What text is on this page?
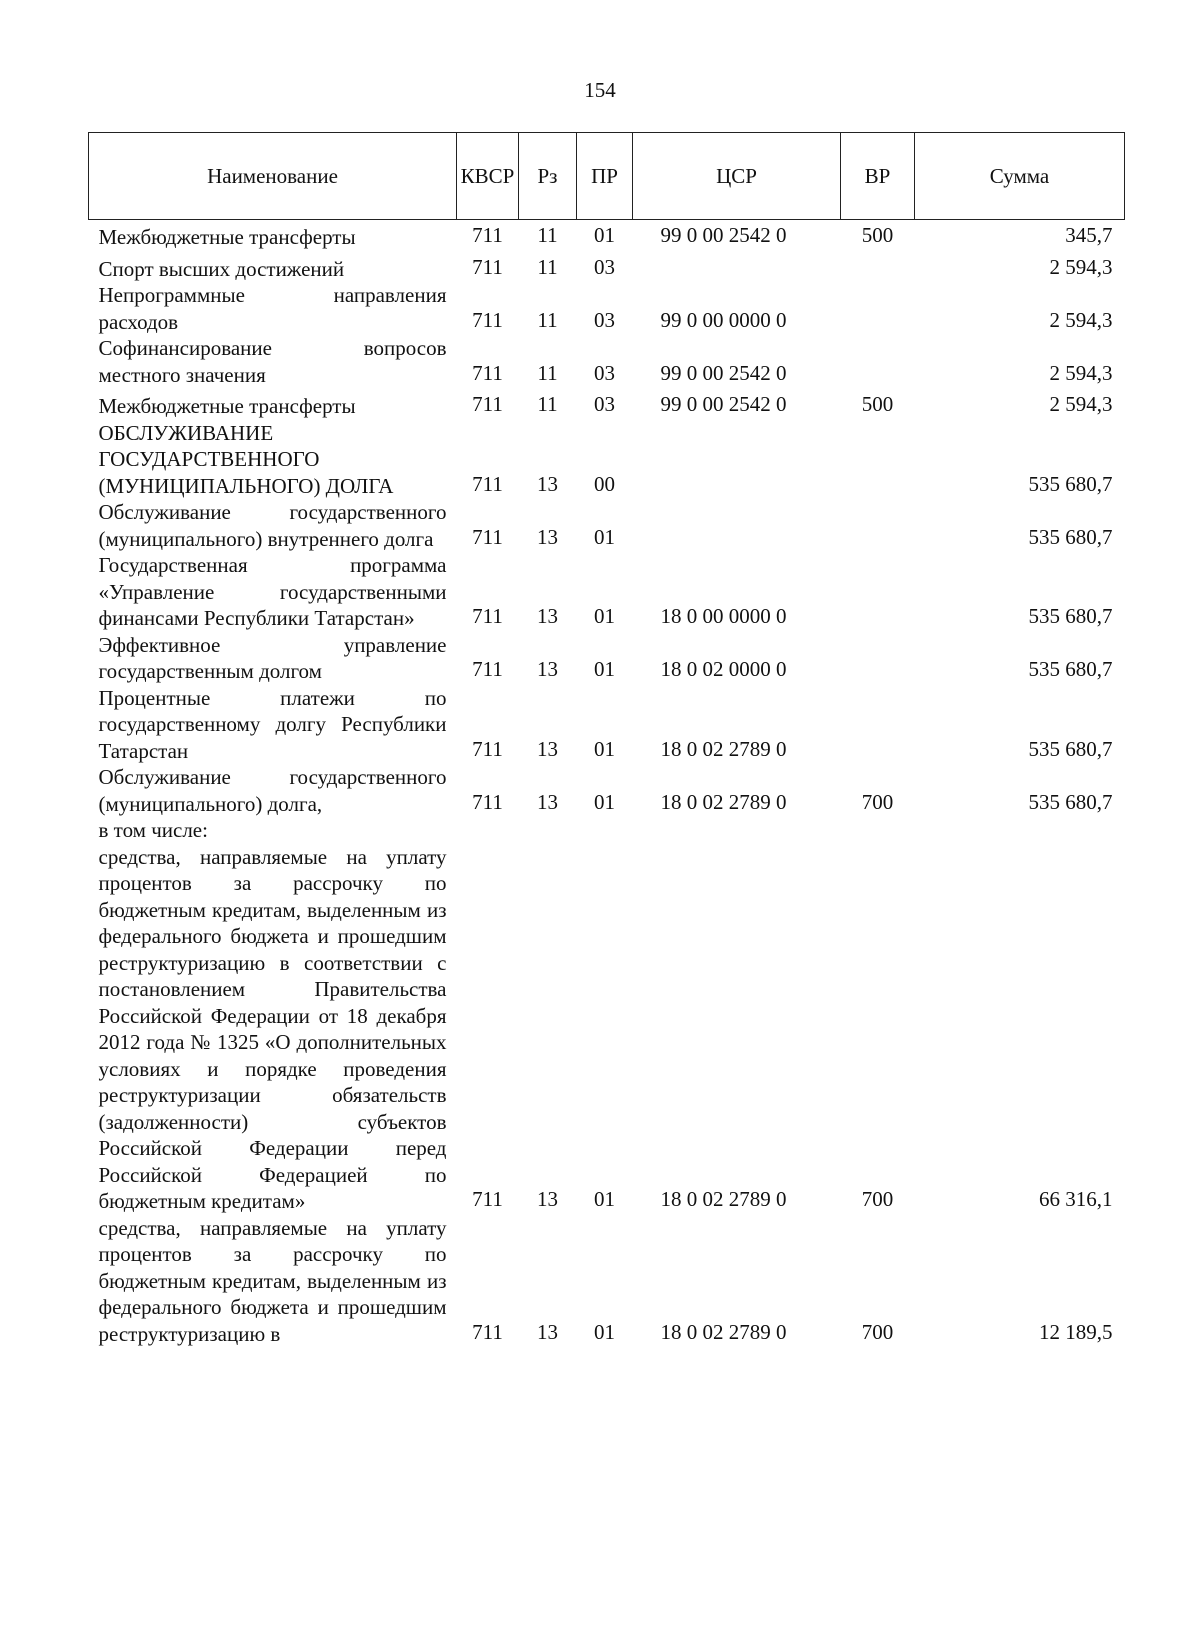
154
Наименование	КВСР	Рз	ПР	ЦСР	ВР	Сумма
Межбюджетные трансферты	711	11	01	99 0 00 2542 0	500	345,7
Спорт высших достижений	711	11	03			2 594,3
Непрограммные направления расходов	711	11	03	99 0 00 0000 0		2 594,3
Софинансирование вопросов местного значения	711	11	03	99 0 00 2542 0		2 594,3
Межбюджетные трансферты	711	11	03	99 0 00 2542 0	500	2 594,3
ОБСЛУЖИВАНИЕ ГОСУДАРСТВЕННОГО (МУНИЦИПАЛЬНОГО) ДОЛГА	711	13	00			535 680,7
Обслуживание государственного (муниципального) внутреннего долга	711	13	01			535 680,7
Государственная программа «Управление государственными финансами Республики Татарстан»	711	13	01	18 0 00 0000 0		535 680,7
Эффективное управление государственным долгом	711	13	01	18 0 02 0000 0		535 680,7
Процентные платежи по государственному долгу Республики Татарстан	711	13	01	18 0 02 2789 0		535 680,7
Обслуживание государственного (муниципального) долга,	711	13	01	18 0 02 2789 0	700	535 680,7
в том числе:						
средства, направляемые на уплату процентов за рассрочку по бюджетным кредитам, выделенным из федерального бюджета и прошедшим реструктуризацию в соответствии с постановлением Правительства Российской Федерации от 18 декабря 2012 года № 1325 «О дополнительных условиях и порядке проведения реструктуризации обязательств (задолженности) субъектов Российской Федерации перед Российской Федерацией по бюджетным кредитам»	711	13	01	18 0 02 2789 0	700	66 316,1
средства, направляемые на уплату процентов за рассрочку по бюджетным кредитам, выделенным из федерального бюджета и прошедшим реструктуризацию в	711	13	01	18 0 02 2789 0	700	12 189,5
